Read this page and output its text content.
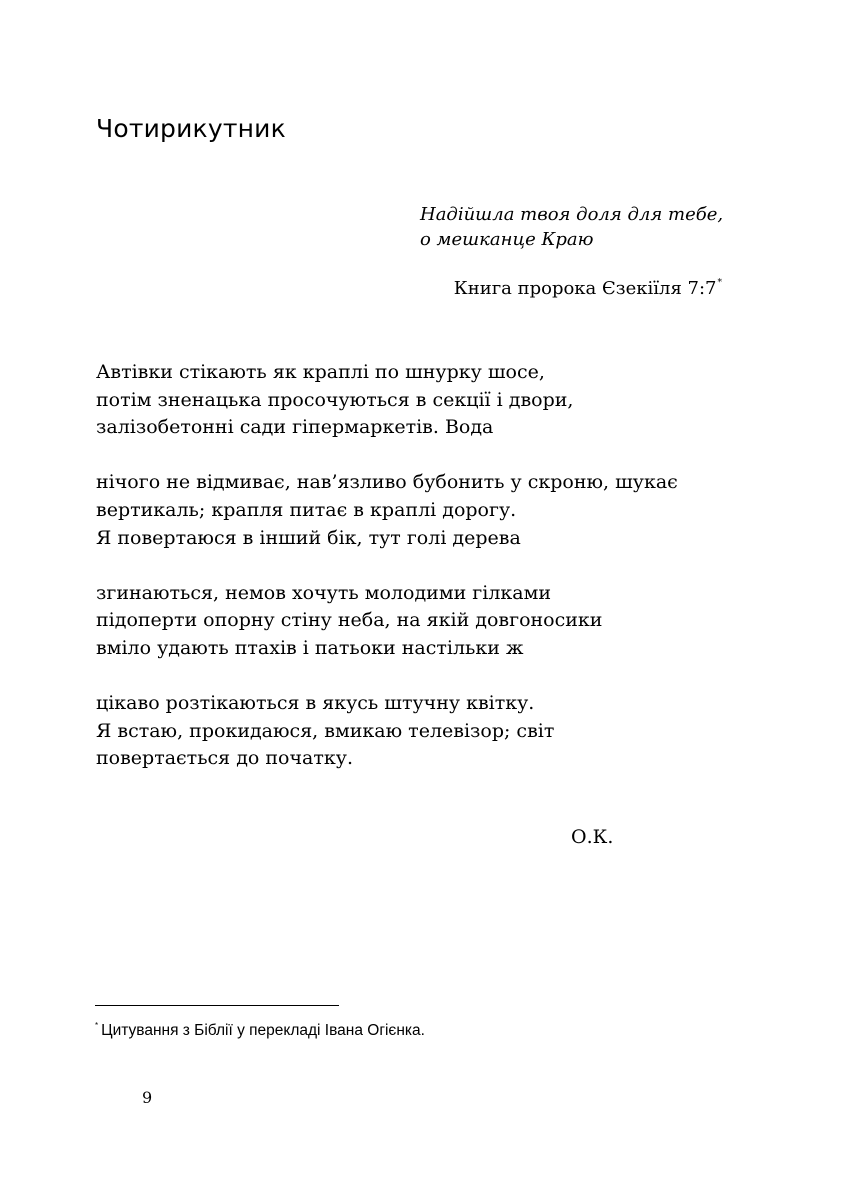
Чотирикутник
Надійшла твоя доля для тебе,
о мешканце Краю
Книга пророка Єзекіїля 7:7*
Автівки стікають як краплі по шнурку шосе,
потім зненацька просочуються в секції і двори,
залізобетонні сади гіпермаркетів. Вода
нічого не відмиває, нав’язливо бубонить у скроню, шукає
вертикаль; крапля питає в краплі дорогу.
Я повертаюся в інший бік, тут голі дерева
згинаються, немов хочуть молодими гілками
підоперти опорну стіну неба, на якій довгоносики
вміло удають птахів і патьоки настільки ж
цікаво розтікаються в якусь штучну квітку.
Я встаю, прокидаюся, вмикаю телевізор; світ
повертається до початку.
О.К.
* Цитування з Біблії у перекладі Івана Огієнка.
9
